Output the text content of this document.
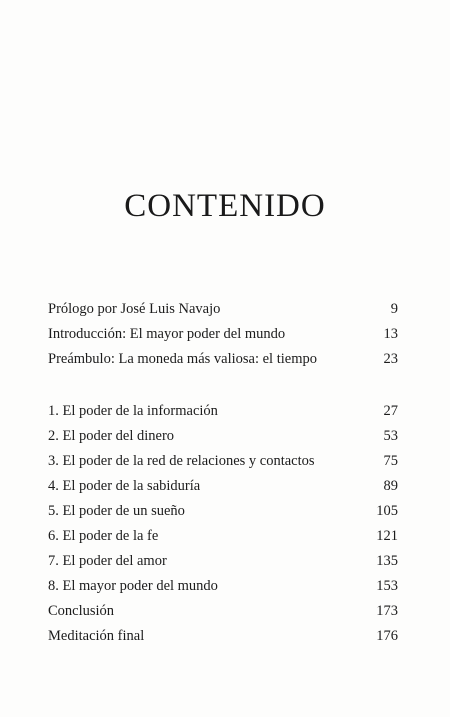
CONTENIDO
Prólogo por José Luis Navajo	9
Introducción: El mayor poder del mundo	13
Preámbulo: La moneda más valiosa: el tiempo	23
1. El poder de la información	27
2. El poder del dinero	53
3. El poder de la red de relaciones y contactos	75
4. El poder de la sabiduría	89
5. El poder de un sueño	105
6. El poder de la fe	121
7. El poder del amor	135
8. El mayor poder del mundo	153
Conclusión	173
Meditación final	176
